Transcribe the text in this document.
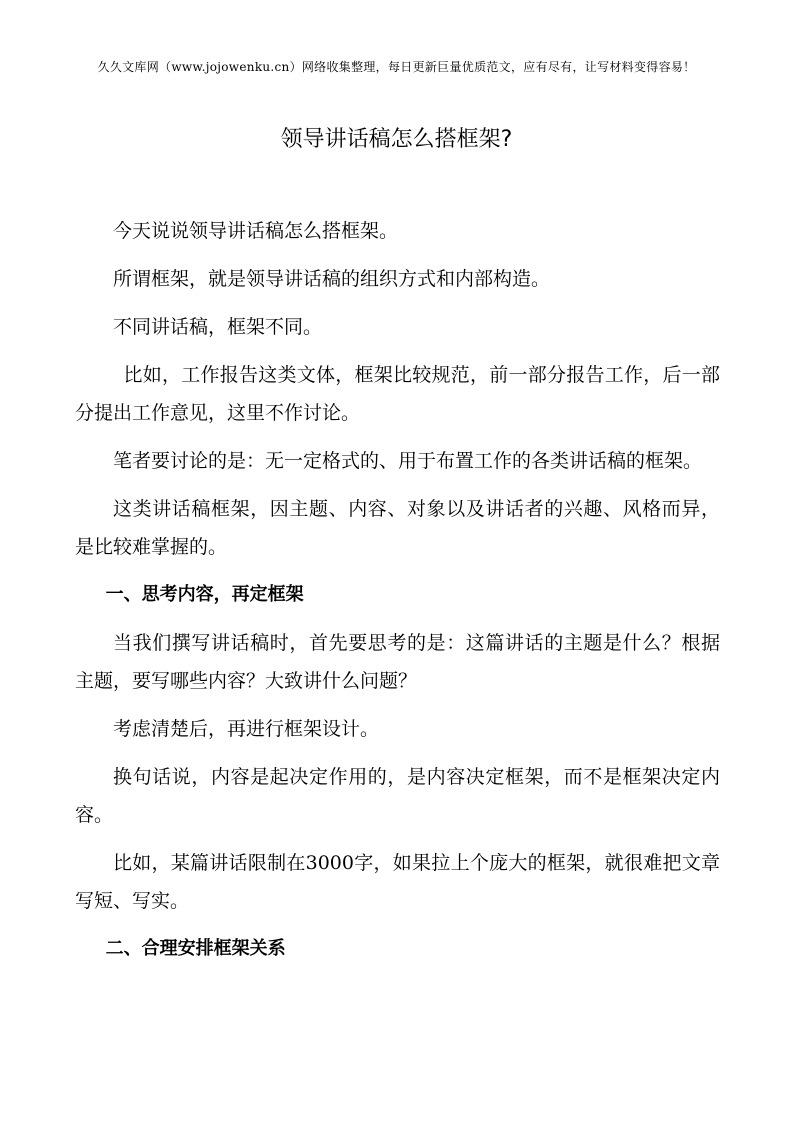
久久文库网（www.jojowenku.cn）网络收集整理，每日更新巨量优质范文，应有尽有，让写材料变得容易！
领导讲话稿怎么搭框架?

今天说说领导讲话稿怎么搭框架。

所谓框架，就是领导讲话稿的组织方式和内部构造。

不同讲话稿，框架不同。

比如，工作报告这类文体，框架比较规范，前一部分报告工作，后一部分提出工作意见，这里不作讨论。

笔者要讨论的是：无一定格式的、用于布置工作的各类讲话稿的框架。

这类讲话稿框架，因主题、内容、对象以及讲话者的兴趣、风格而异，是比较难掌握的。

一、思考内容，再定框架

当我们撰写讲话稿时，首先要思考的是：这篇讲话的主题是什么？根据主题，要写哪些内容？大致讲什么问题？

考虑清楚后，再进行框架设计。

换句话说，内容是起决定作用的，是内容决定框架，而不是框架决定内容。

比如，某篇讲话限制在3000字，如果拉上个庞大的框架，就很难把文章写短、写实。

二、合理安排框架关系
